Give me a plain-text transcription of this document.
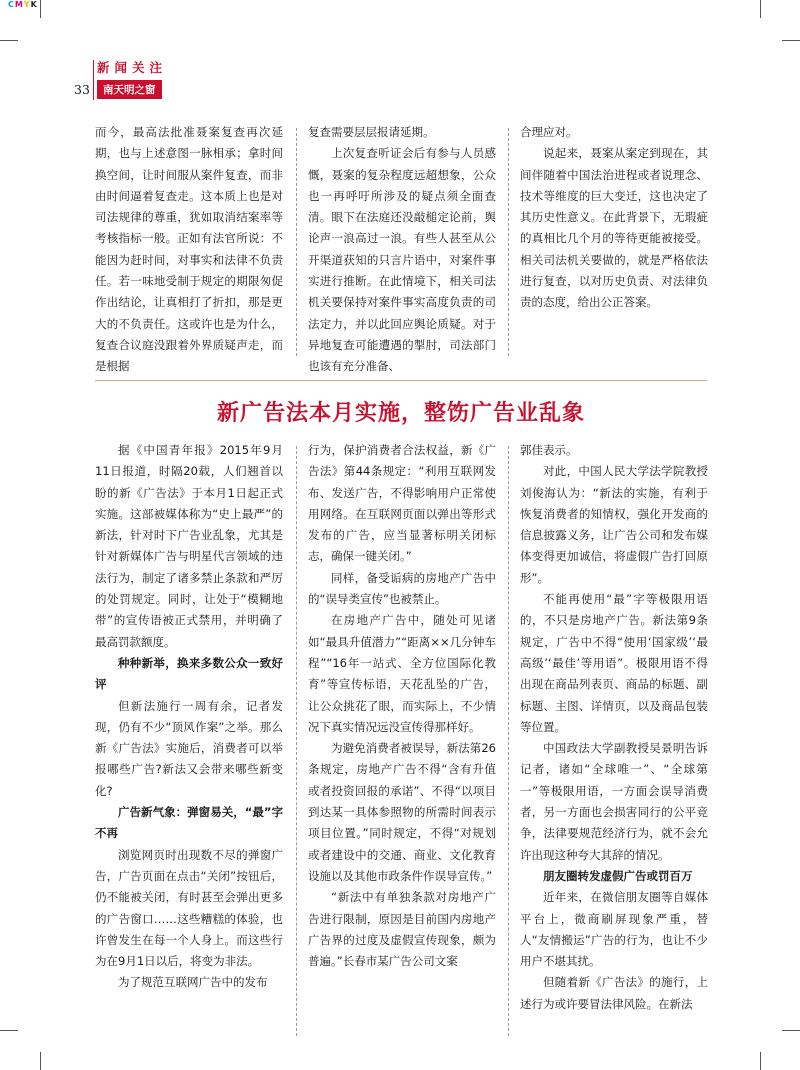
CMYK
新闻关注
33	南天明之窗

而今，最高法批准聂案复查再次延期，也与上述意图一脉相承；拿时间换空间，让时间服从案件复查，而非由时间逼着复查走。这本质上也是对司法规律的尊重，犹如取消结案率等考核指标一般。正如有法官所说：不能因为赶时间，对事实和法律不负责任。若一味地受制于规定的期限匆促作出结论，让真相打了折扣，那是更大的不负责任。这或许也是为什么，复查合议庭没跟着外界质疑声走，而是根据

复查需要层层报请延期。

上次复查听证会后有参与人员感慨，聂案的复杂程度远超想象，公众也一再呼吁所涉及的疑点须全面查清。眼下在法庭还没敲槌定论前，舆论声一浪高过一浪。有些人甚至从公开渠道获知的只言片语中，对案件事实进行推断。在此情境下，相关司法机关要保持对案件事实高度负责的司法定力，并以此回应舆论质疑。对于异地复查可能遭遇的掣肘，司法部门也该有充分准备、

合理应对。

说起来，聂案从案定到现在，其间伴随着中国法治进程或者说理念、技术等维度的巨大变迁，这也决定了其历史性意义。在此背景下，无瑕疵的真相比几个月的等待更能被接受。相关司法机关要做的，就是严格依法进行复查，以对历史负责、对法律负责的态度，给出公正答案。

新广告法本月实施，整饬广告业乱象

据《中国青年报》2015年9月11日报道，时隔20载，人们翘首以盼的新《广告法》于本月1日起正式实施。这部被媒体称为“史上最严”的新法，针对时下广告业乱象，尤其是针对新媒体广告与明星代言领域的违法行为，制定了诸多禁止条款和严厉的处罚规定。同时，让处于“模糊地带”的宣传语被正式禁用，并明确了最高罚款额度。

种种新举，换来多数公众一致好评

但新法施行一周有余，记者发现，仍有不少“顶风作案”之举。那么新《广告法》实施后，消费者可以举报哪些广告?新法又会带来哪些新变化?

广告新气象：弹窗易关，“最”字不再

浏览网页时出现数不尽的弹窗广告，广告页面在点击“关闭”按钮后，仍不能被关闭，有时甚至会弹出更多的广告窗口……这些糟糕的体验，也许曾发生在每一个人身上。而这些行为在9月1日以后，将变为非法。

为了规范互联网广告中的发布

行为，保护消费者合法权益，新《广告法》第44条规定：“利用互联网发布、发送广告，不得影响用户正常使用网络。在互联网页面以弹出等形式发布的广告，应当显著标明关闭标志，确保一键关闭。”

同样，备受诟病的房地产广告中的“误导类宣传”也被禁止。

在房地产广告中，随处可见诸如“最具升值潜力”“距离××几分钟车程”“16年一站式、全方位国际化教育”等宣传标语，天花乱坠的广告，让公众挑花了眼，而实际上，不少情况下真实情况远没宣传得那样好。

为避免消费者被误导，新法第26条规定，房地产广告不得“含有升值或者投资回报的承诺”、不得“以项目到达某一具体参照物的所需时间表示项目位置。”同时规定，不得“对规划或者建设中的交通、商业、文化教育设施以及其他市政条件作误导宣传。”

“新法中有单独条款对房地产广告进行限制，原因是目前国内房地产广告界的过度及虚假宣传现象，颇为普遍。”长春市某广告公司文案

郭佳表示。

对此，中国人民大学法学院教授刘俊海认为：“新法的实施，有利于恢复消费者的知情权，强化开发商的信息披露义务，让广告公司和发布媒体变得更加诚信，将虚假广告打回原形”。

不能再使用“最”字等极限用语的，不只是房地产广告。新法第9条规定，广告中不得“使用‘国家级’‘最高级’‘最佳’等用语”。极限用语不得出现在商品列表页、商品的标题、副标题、主图、详情页，以及商品包装等位置。

中国政法大学副教授吴景明告诉记者，诸如“全球唯一”、“全球第一”等极限用语，一方面会误导消费者，另一方面也会损害同行的公平竞争，法律要规范经济行为，就不会允许出现这种夸大其辞的情况。

朋友圈转发虚假广告或罚百万

近年来，在微信朋友圈等自媒体平台上，微商刷屏现象严重，替人“友情搬运”广告的行为，也让不少用户不堪其扰。

但随着新《广告法》的施行，上述行为或许要冒法律风险。在新法
